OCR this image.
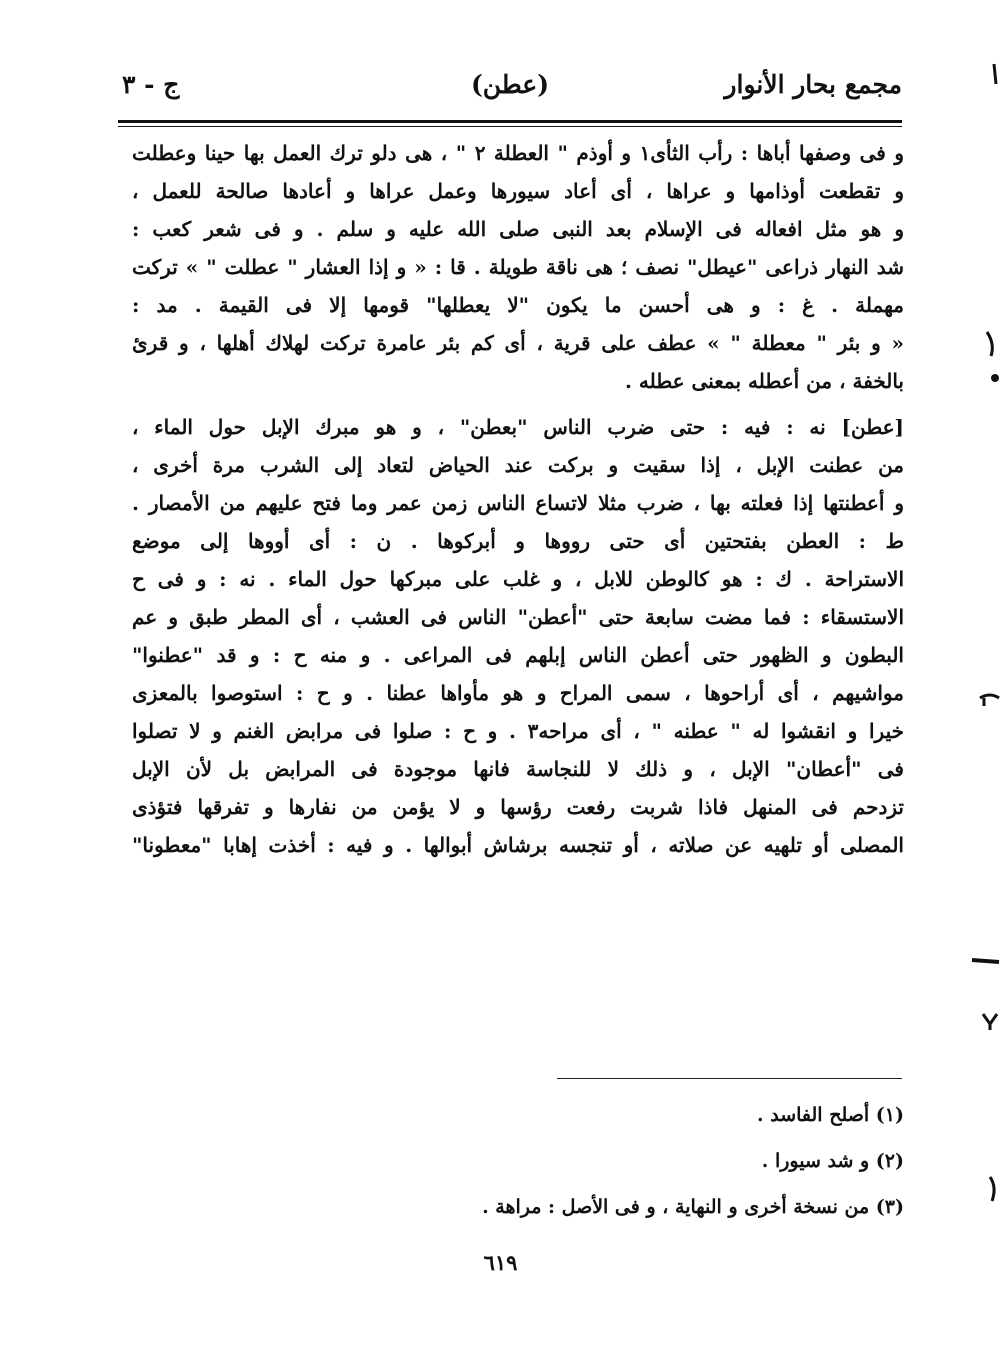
مجمع بحار الأنوار
(عطن)
ج - ٣
و فى وصفها أباها : رأب الثأى١ و أوذم " العطلة ٢ " ، هى دلو ترك العمل بها حينا وعطلت
و تقطعت أوذامها و عراها ، أى أعاد سيورها وعمل عراها و أعادها صالحة للعمل ،
و هو مثل افعاله فى الإسلام بعد النبى صلى الله عليه و سلم . و فى شعر كعب :
شد النهار ذراعى "عيطل" نصف ؛ هى ناقة طويلة . قا : « و إذا العشار " عطلت " » تركت
مهملة . غ : و هى أحسن ما يكون "لا يعطلها" قومها إلا فى القيمة . مد :
« و بئر " معطلة " » عطف على قرية ، أى كم بئر عامرة تركت لهلاك أهلها ، و قرئ
بالخفة ، من أعطله بمعنى عطله .
[عطن] نه : فيه : حتى ضرب الناس "بعطن" ، و هو مبرك الإبل حول الماء ،
من عطنت الإبل ، إذا سقيت و بركت عند الحياض لتعاد إلى الشرب مرة أخرى ،
و أعطنتها إذا فعلته بها ، ضرب مثلا لاتساع الناس زمن عمر وما فتح عليهم من الأمصار .
ط : العطن بفتحتين أى حتى رووها و أبركوها . ن : أى أووها إلى موضع
الاستراحة . ك : هو كالوطن للابل ، و غلب على مبركها حول الماء . نه : و فى ح
الاستسقاء : فما مضت سابعة حتى "أعطن" الناس فى العشب ، أى المطر طبق و عم
البطون و الظهور حتى أعطن الناس إبلهم فى المراعى . و منه ح : و قد "عطنوا"
مواشيهم ، أى أراحوها ، سمى المراح و هو مأواها عطنا . و ح : استوصوا بالمعزى
خيرا و انقشوا له " عطنه " ، أى مراحه٣ . و ح : صلوا فى مرابض الغنم و لا تصلوا
فى "أعطان" الإبل ، و ذلك لا للنجاسة فانها موجودة فى المرابض بل لأن الإبل
تزدحم فى المنهل فاذا شربت رفعت رؤسها و لا يؤمن من نفارها و تفرقها فتؤذى
المصلى أو تلهيه عن صلاته ، أو تنجسه برشاش أبوالها . و فيه : أخذت إهابا "معطونا"
(١) أصلح الفاسد .
(٢) و شد سيورا .
(٣) من نسخة أخرى و النهاية ، و فى الأصل : مراهة .
٦١٩
